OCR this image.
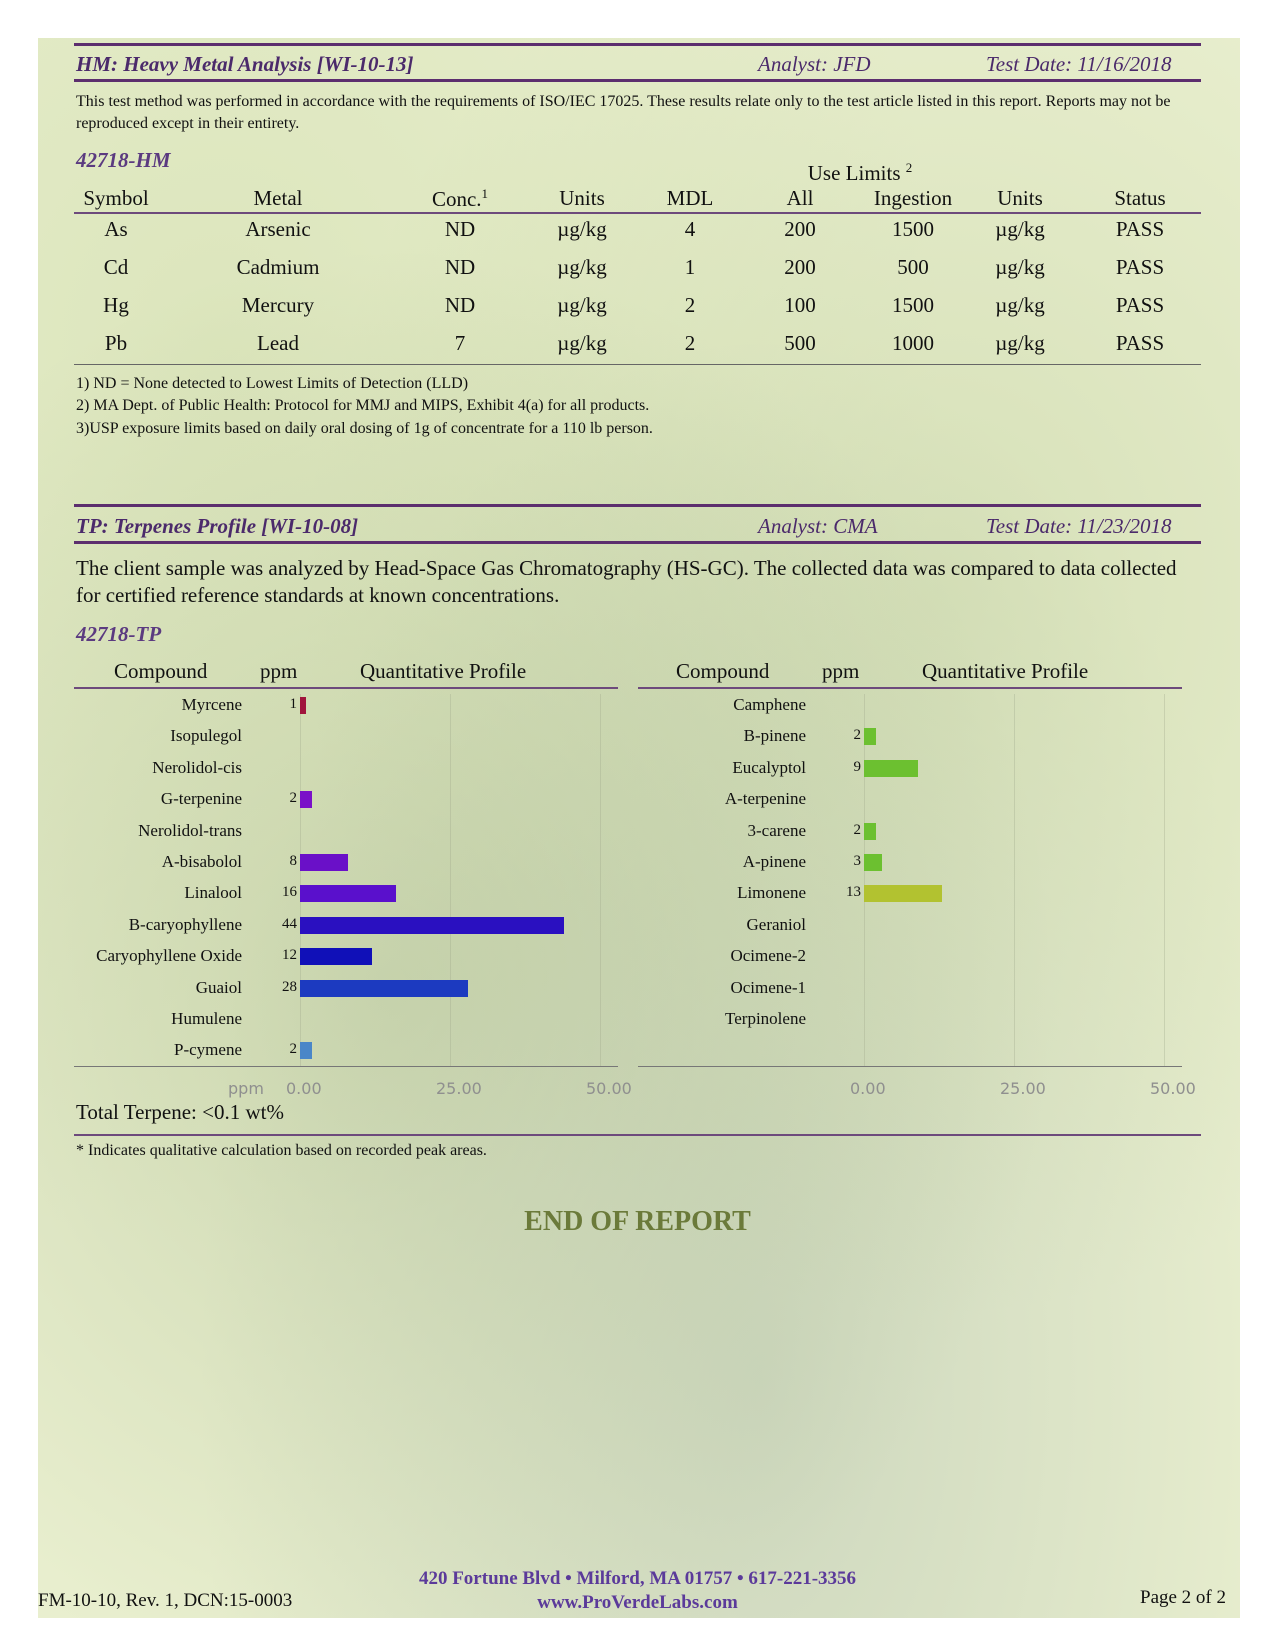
HM: Heavy Metal Analysis [WI-10-13]	Analyst: JFD	Test Date: 11/16/2018
This test method was performed in accordance with the requirements of ISO/IEC 17025. These results relate only to the test article listed in this report. Reports may not be reproduced except in their entirety.
42718-HM
Use Limits $^2$
Symbol	Metal	Conc.$^1$	Units	MDL	All	Ingestion	Units	Status
As	Arsenic	ND	µg/kg	4	200	1500	µg/kg	PASS
Cd	Cadmium	ND	µg/kg	1	200	500	µg/kg	PASS
Hg	Mercury	ND	µg/kg	2	100	1500	µg/kg	PASS
Pb	Lead	7	µg/kg	2	500	1000	µg/kg	PASS
1) ND = None detected to Lowest Limits of Detection (LLD)
2) MA Dept. of Public Health: Protocol for MMJ and MIPS, Exhibit 4(a) for all products.
3)USP exposure limits based on daily oral dosing of 1g of concentrate for a 110 lb person.
TP: Terpenes Profile [WI-10-08]	Analyst: CMA	Test Date: 11/23/2018
The client sample was analyzed by Head-Space Gas Chromatography (HS-GC). The collected data was compared to data collected for certified reference standards at known concentrations.
42718-TP
Compound	ppm	Quantitative Profile	Compound	ppm	Quantitative Profile
Myrcene	1
Isopulegol
Nerolidol-cis
G-terpenine	2
Nerolidol-trans
A-bisabolol	8
Linalool	16
B-caryophyllene	44
Caryophyllene Oxide	12
Guaiol	28
Humulene
P-cymene	2
0.00	25.00	50.00
Camphene
B-pinene	2
Eucalyptol	9
A-terpenine
3-carene	2
A-pinene	3
Limonene	13
Geraniol
Ocimene-2
Ocimene-1
Terpinolene
0.00	25.00	50.00
ppm
Total Terpene: <0.1 wt%
* Indicates qualitative calculation based on recorded peak areas.
END OF REPORT
420 Fortune Blvd • Milford, MA 01757 • 617-221-3356
www.ProVerdeLabs.com
FM-10-10, Rev. 1, DCN:15-0003	Page 2 of 2
